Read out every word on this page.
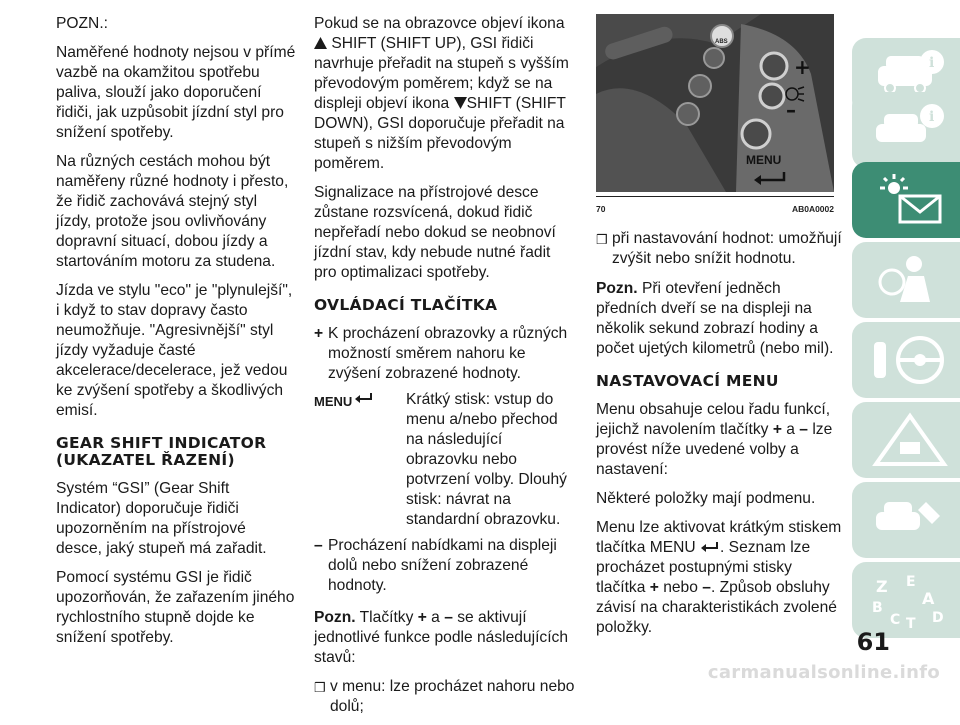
POZN.:

Naměřené hodnoty nejsou v přímé vazbě na okamžitou spotřebu paliva, slouží jako doporučení řidiči, jak uzpůsobit jízdní styl pro snížení spotřeby.

Na různých cestách mohou být naměřeny různé hodnoty i přesto, že řidič zachovává stejný styl jízdy, protože jsou ovlivňovány dopravní situací, dobou jízdy a startováním motoru za studena.

Jízda ve stylu "eco" je "plynulejší", i když to stav dopravy často neumožňuje. "Agresivnější" styl jízdy vyžaduje časté akcelerace/decelerace, jež vedou ke zvýšení spotřeby a škodlivých emisí.

GEAR SHIFT INDICATOR (UKAZATEL ŘAZENÍ)

Systém “GSI” (Gear Shift Indicator) doporučuje řidiči upozorněním na přístrojové desce, jaký stupeň má zařadit.

Pomocí systému GSI je řidič upozorňován, že zařazením jiného rychlostního stupně dojde ke snížení spotřeby.

Pokud se na obrazovce objeví ikona
SHIFT (SHIFT UP), GSI řidiči navrhuje přeřadit na stupeň s vyšším převodovým poměrem; když se na displeji objeví ikona SHIFT (SHIFT DOWN), GSI doporučuje přeřadit na stupeň s nižším převodovým poměrem.

Signalizace na přístrojové desce zůstane rozsvícená, dokud řidič nepřeřadí nebo dokud se neobnoví jízdní stav, kdy nebude nutné řadit pro optimalizaci spotřeby.

OVLÁDACÍ TLAČÍTKA
+ K procházení obrazovky a různých možností směrem nahoru ke zvýšení zobrazené hodnoty.
MENU	Krátký stisk: vstup do menu a/nebo přechod na následující obrazovku nebo potvrzení volby. Dlouhý stisk: návrat na standardní obrazovku.
– Procházení nabídkami na displeji dolů nebo snížení zobrazené hodnoty.

Pozn. Tlačítky + a – se aktivují jednotlivé funkce podle následujících stavů:

❒ v menu: lze procházet nahoru nebo dolů;
+
–
ABS
MENU
70	AB0A0002
❒ při nastavování hodnot: umožňují zvýšit nebo snížit hodnotu.

Pozn. Při otevření jedněch předních dveří se na displeji na několik sekund zobrazí hodiny a počet ujetých kilometrů (nebo mil).

NASTAVOVACÍ MENU

Menu obsahuje celou řadu funkcí, jejichž navolením tlačítky + a – lze provést níže uvedené volby a nastavení:

Některé položky mají podmenu.

Menu lze aktivovat krátkým stiskem tlačítka MENU . Seznam lze procházet postupnými stisky tlačítka + nebo –. Způsob obsluhy závisí na charakteristikách zvolené položky.

i
i
Z E
A
B
C T D
61
carmanualsonline.info
